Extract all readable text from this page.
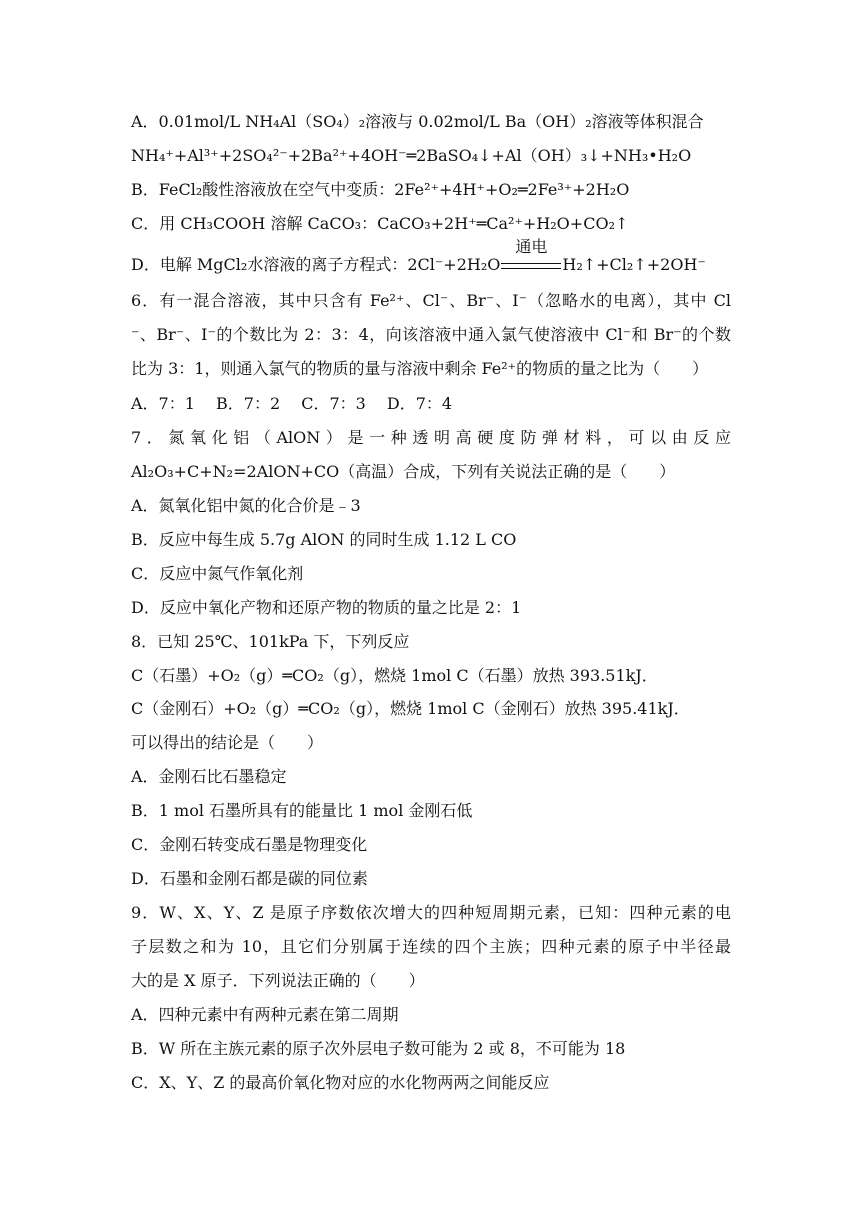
A．0.01mol/L NH₄Al（SO₄）₂溶液与 0.02mol/L Ba（OH）₂溶液等体积混合
NH₄⁺+Al³⁺+2SO₄²⁻+2Ba²⁺+4OH⁻═2BaSO₄↓+Al（OH）₃↓+NH₃•H₂O
B．FeCl₂酸性溶液放在空气中变质：2Fe²⁺+4H⁺+O₂═2Fe³⁺+2H₂O
C．用 CH₃COOH 溶解 CaCO₃：CaCO₃+2H⁺═Ca²⁺+H₂O+CO₂↑
D．电解 MgCl₂水溶液的离子方程式：2Cl⁻+2H₂O
通电
H₂↑+Cl₂↑+2OH⁻
6．有一混合溶液，其中只含有 Fe²⁺、Cl⁻、Br⁻、I⁻（忽略水的电离），其中 Cl
⁻、Br⁻、I⁻的个数比为 2：3：4，向该溶液中通入氯气使溶液中 Cl⁻和 Br⁻的个数
比为 3：1，则通入氯气的物质的量与溶液中剩余 Fe²⁺的物质的量之比为（　　）
A．7：1　 B．7：2　 C．7：3　 D．7：4
7．氮氧化铝（AlON）是一种透明高硬度防弹材料，可以由反应
Al₂O₃+C+N₂=2AlON+CO（高温）合成，下列有关说法正确的是（　　）
A．氮氧化铝中氮的化合价是﹣3
B．反应中每生成 5.7g AlON 的同时生成 1.12 L CO
C．反应中氮气作氧化剂
D．反应中氧化产物和还原产物的物质的量之比是 2：1
8．已知 25℃、101kPa 下，下列反应
C（石墨）+O₂（g）═CO₂（g），燃烧 1mol C（石墨）放热 393.51kJ．
C（金刚石）+O₂（g）═CO₂（g），燃烧 1mol C（金刚石）放热 395.41kJ．
可以得出的结论是（　　）
A．金刚石比石墨稳定
B．1 mol 石墨所具有的能量比 1 mol 金刚石低
C．金刚石转变成石墨是物理变化
D．石墨和金刚石都是碳的同位素
9．W、X、Y、Z 是原子序数依次增大的四种短周期元素，已知：四种元素的电
子层数之和为 10，且它们分别属于连续的四个主族；四种元素的原子中半径最
大的是 X 原子．下列说法正确的（　　）
A．四种元素中有两种元素在第二周期
B．W 所在主族元素的原子次外层电子数可能为 2 或 8，不可能为 18
C．X、Y、Z 的最高价氧化物对应的水化物两两之间能反应
